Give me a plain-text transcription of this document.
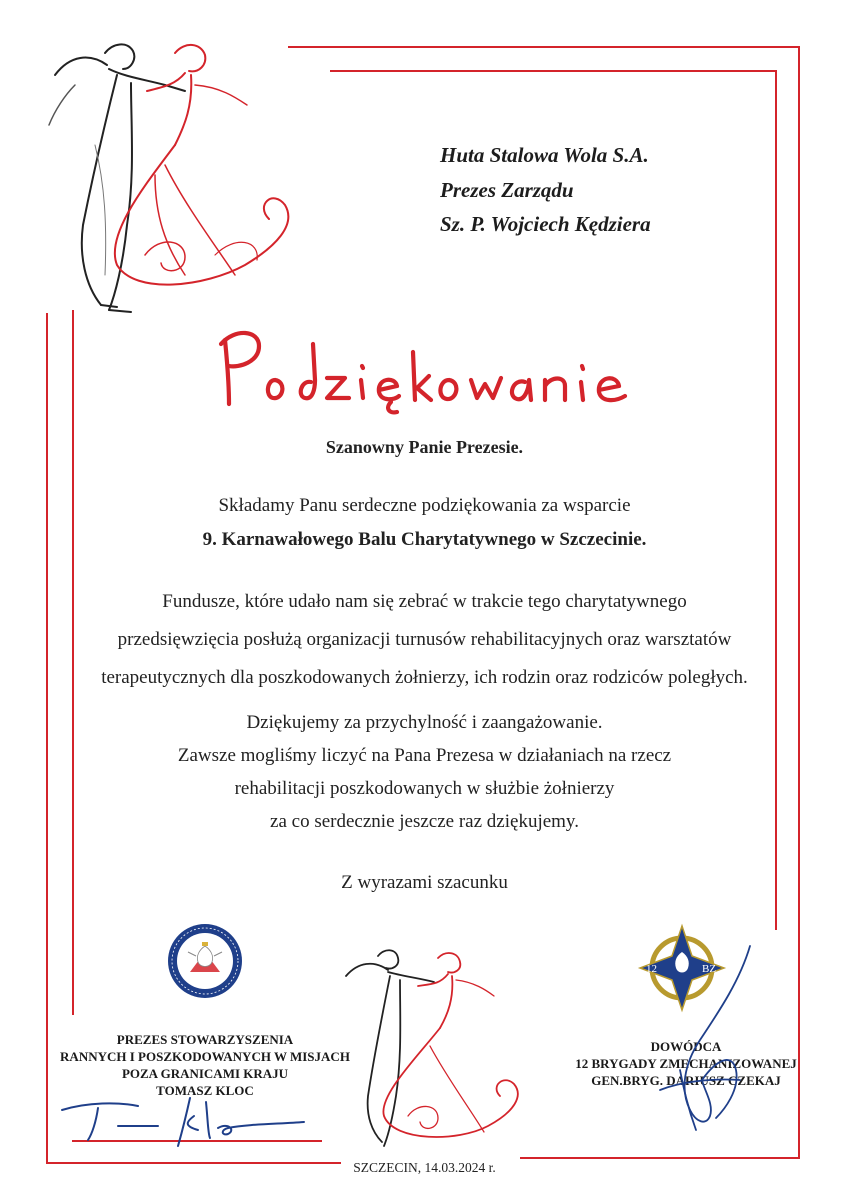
Huta Stalowa Wola S.A.
Prezes Zarządu
Sz. P. Wojciech Kędziera
Szanowny Panie Prezesie.
Składamy Panu serdeczne podziękowania za wsparcie
9. Karnawałowego Balu Charytatywnego w Szczecinie.
Fundusze, które udało nam się zebrać w trakcie tego charytatywnego
przedsięwzięcia posłużą organizacji turnusów rehabilitacyjnych oraz warsztatów
terapeutycznych dla poszkodowanych żołnierzy, ich rodzin oraz rodziców poległych.
Dziękujemy za przychylność i zaangażowanie.
Zawsze mogliśmy liczyć na Pana Prezesa w działaniach na rzecz
rehabilitacji poszkodowanych w służbie żołnierzy
za co serdecznie jeszcze raz dziękujemy.
Z wyrazami szacunku
12	BZ
PREZES STOWARZYSZENIA
RANNYCH I POSZKODOWANYCH W MISJACH
POZA GRANICAMI KRAJU
TOMASZ KLOC
DOWÓDCA
12 BRYGADY ZMECHANIZOWANEJ
GEN.BRYG. DARIUSZ CZEKAJ
SZCZECIN, 14.03.2024 r.
